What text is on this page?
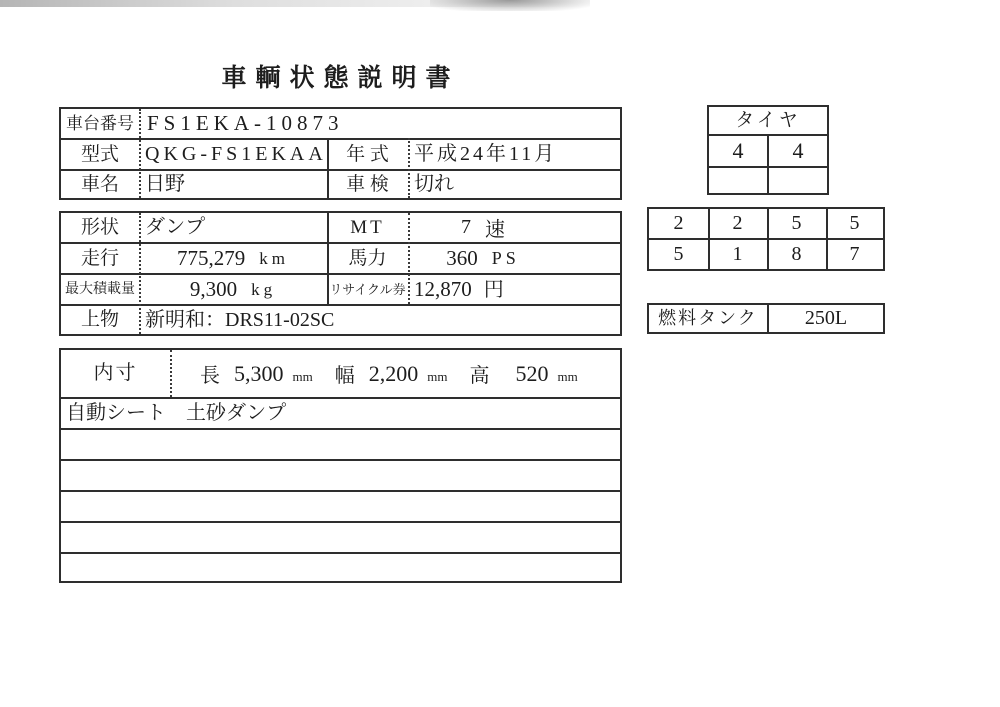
車輌状態説明書
車台番号 FS1EKA-10873
型式	QKG-FS1EKAA	年 式	平成24年11月
車名	日野	車 検	切れ
形状	ダンプ	MT	7 速
走行	775,279 km	馬力	360 PS
最大積載量	9,300 kg	リサイクル券 12,870 円
上物	新明和：DRS11-02SC
内寸	長 5,300 mm 幅 2,200 mm 高 520 mm
自動シート　土砂ダンプ
タイヤ
4	4
2	2	5	5
5	1	8	7
燃料タンク	250L
